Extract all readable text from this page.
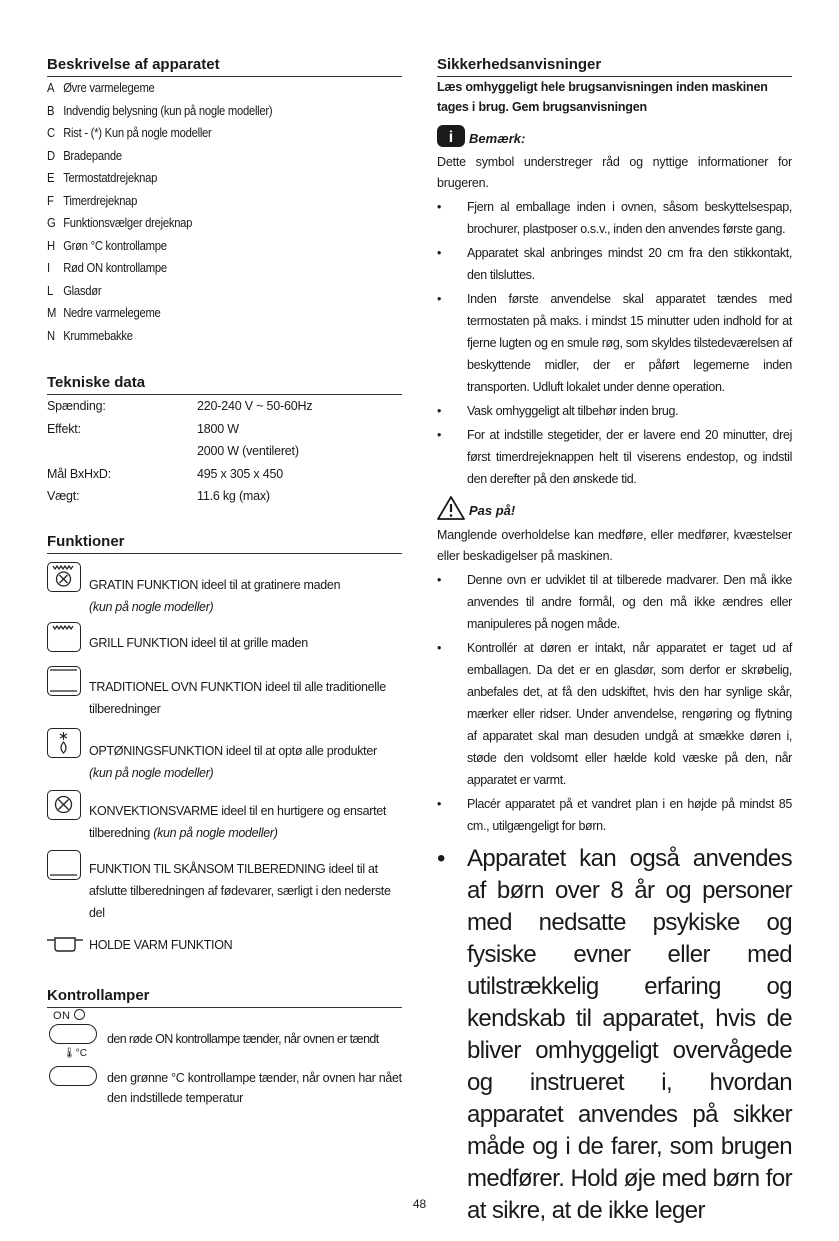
Beskrivelse af apparatet
A Øvre varmelegeme
B Indvendig belysning (kun på nogle modeller)
C Rist - (*) Kun på nogle modeller
D Bradepande
E Termostatdrejeknap
F Timerdrejeknap
G Funktionsvælger drejeknap
H Grøn °C kontrollampe
I Rød ON kontrollampe
L Glasdør
M Nedre varmelegeme
N Krummebakke
Tekniske data
Spænding:	220-240 V ~ 50-60Hz
Effekt:	1800 W
2000 W (ventileret)
Mål BxHxD:	495 x 305 x 450
Vægt:	11.6 kg (max)
Funktioner
GRATIN FUNKTION ideel til at gratinere maden
(kun på nogle modeller)
GRILL FUNKTION ideel til at grille maden
TRADITIONEL OVN FUNKTION ideel til alle traditionelle tilberedninger
OPTØNINGSFUNKTION ideel til at optø alle produkter
(kun på nogle modeller)
KONVEKTIONSVARME ideel til en hurtigere og ensartet tilberedning (kun på nogle modeller)
FUNKTION TIL SKÅNSOM TILBEREDNING ideel til at afslutte tilberedningen af fødevarer, særligt i den nederste del
HOLDE VARM FUNKTION
Kontrollamper
ON
den røde ON kontrollampe tænder, når ovnen er tændt
🌡°C
den grønne °C kontrollampe tænder, når ovnen har nået den indstillede temperatur
Sikkerhedsanvisninger
Læs omhyggeligt hele brugsanvisningen inden maskinen tages i brug. Gem brugsanvisningen
i Bemærk:

Dette symbol understreger råd og nyttige informationer for brugeren.

• Fjern al emballage inden i ovnen, såsom beskyttelsespap, brochurer, plastposer o.s.v., inden den anvendes første gang.
• Apparatet skal anbringes mindst 20 cm fra den stikkontakt, den tilsluttes.
• Inden første anvendelse skal apparatet tændes med termostaten på maks. i mindst 15 minutter uden indhold for at fjerne lugten og en smule røg, som skyldes tilstedeværelsen af beskyttende midler, der er påført legemerne inden transporten. Udluft lokalet under denne operation.
• Vask omhyggeligt alt tilbehør inden brug.
• For at indstille stegetider, der er lavere end 20 minutter, drej først timerdrejeknappen helt til viserens endestop, og indstil den derefter på den ønskede tid.
Pas på!

Manglende overholdelse kan medføre, eller medfører, kvæstelser eller beskadigelser på maskinen.

• Denne ovn er udviklet til at tilberede madvarer. Den må ikke anvendes til andre formål, og den må ikke ændres eller manipuleres på nogen måde.
• Kontrollér at døren er intakt, når apparatet er taget ud af emballagen. Da det er en glasdør, som derfor er skrøbelig, anbefales det, at få den udskiftet, hvis den har synlige skår, mærker eller ridser. Under anvendelse, rengøring og flytning af apparatet skal man desuden undgå at smække døren i, støde den voldsomt eller hælde kold væske på den, når apparatet er varmt.
• Placér apparatet på et vandret plan i en højde på mindst 85 cm., utilgængeligt for børn.
• Apparatet kan også anvendes af børn over 8 år og personer med nedsatte psykiske og fysiske evner eller med utilstrækkelig erfaring og kendskab til apparatet, hvis de bliver omhyggeligt overvågede og instrueret i, hvordan apparatet anvendes på sikker måde og i de farer, som brugen medfører. Hold øje med børn for at sikre, at de ikke leger
48
